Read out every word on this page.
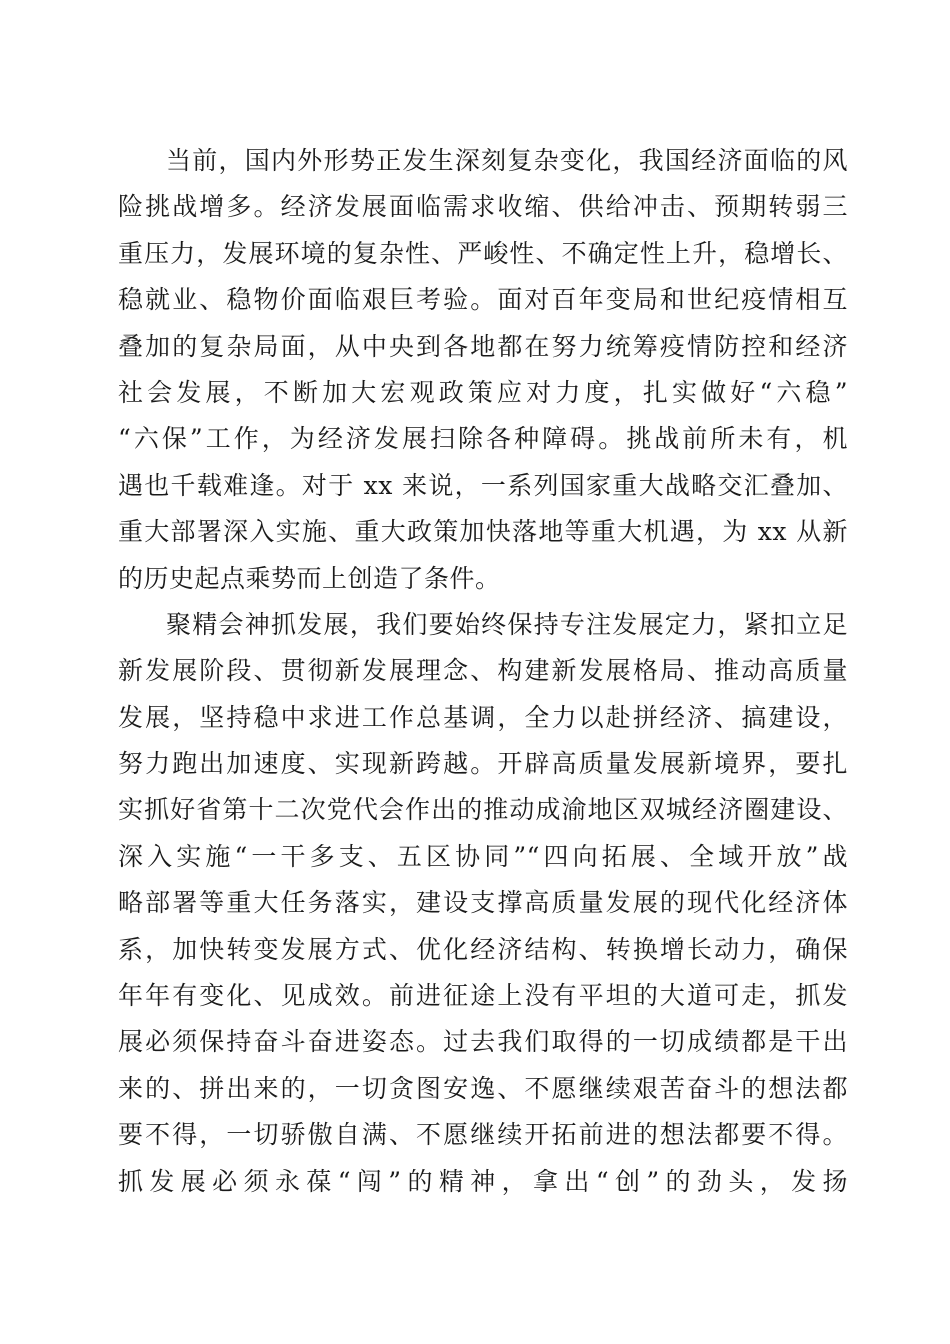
当前，国内外形势正发生深刻复杂变化，我国经济面临的风
险挑战增多。经济发展面临需求收缩、供给冲击、预期转弱三
重压力，发展环境的复杂性、严峻性、不确定性上升，稳增长、
稳就业、稳物价面临艰巨考验。面对百年变局和世纪疫情相互
叠加的复杂局面，从中央到各地都在努力统筹疫情防控和经济
社会发展，不断加大宏观政策应对力度，扎实做好“六稳”
“六保”工作，为经济发展扫除各种障碍。挑战前所未有，机
遇也千载难逢。对于 xx 来说，一系列国家重大战略交汇叠加、
重大部署深入实施、重大政策加快落地等重大机遇，为 xx 从新
的历史起点乘势而上创造了条件。
聚精会神抓发展，我们要始终保持专注发展定力，紧扣立足
新发展阶段、贯彻新发展理念、构建新发展格局、推动高质量
发展，坚持稳中求进工作总基调，全力以赴拼经济、搞建设，
努力跑出加速度、实现新跨越。开辟高质量发展新境界，要扎
实抓好省第十二次党代会作出的推动成渝地区双城经济圈建设、
深入实施“一干多支、五区协同”“四向拓展、全域开放”战
略部署等重大任务落实，建设支撑高质量发展的现代化经济体
系，加快转变发展方式、优化经济结构、转换增长动力，确保
年年有变化、见成效。前进征途上没有平坦的大道可走，抓发
展必须保持奋斗奋进姿态。过去我们取得的一切成绩都是干出
来的、拼出来的，一切贪图安逸、不愿继续艰苦奋斗的想法都
要不得，一切骄傲自满、不愿继续开拓前进的想法都要不得。
抓发展必须永葆“闯”的精神，拿出“创”的劲头，发扬
